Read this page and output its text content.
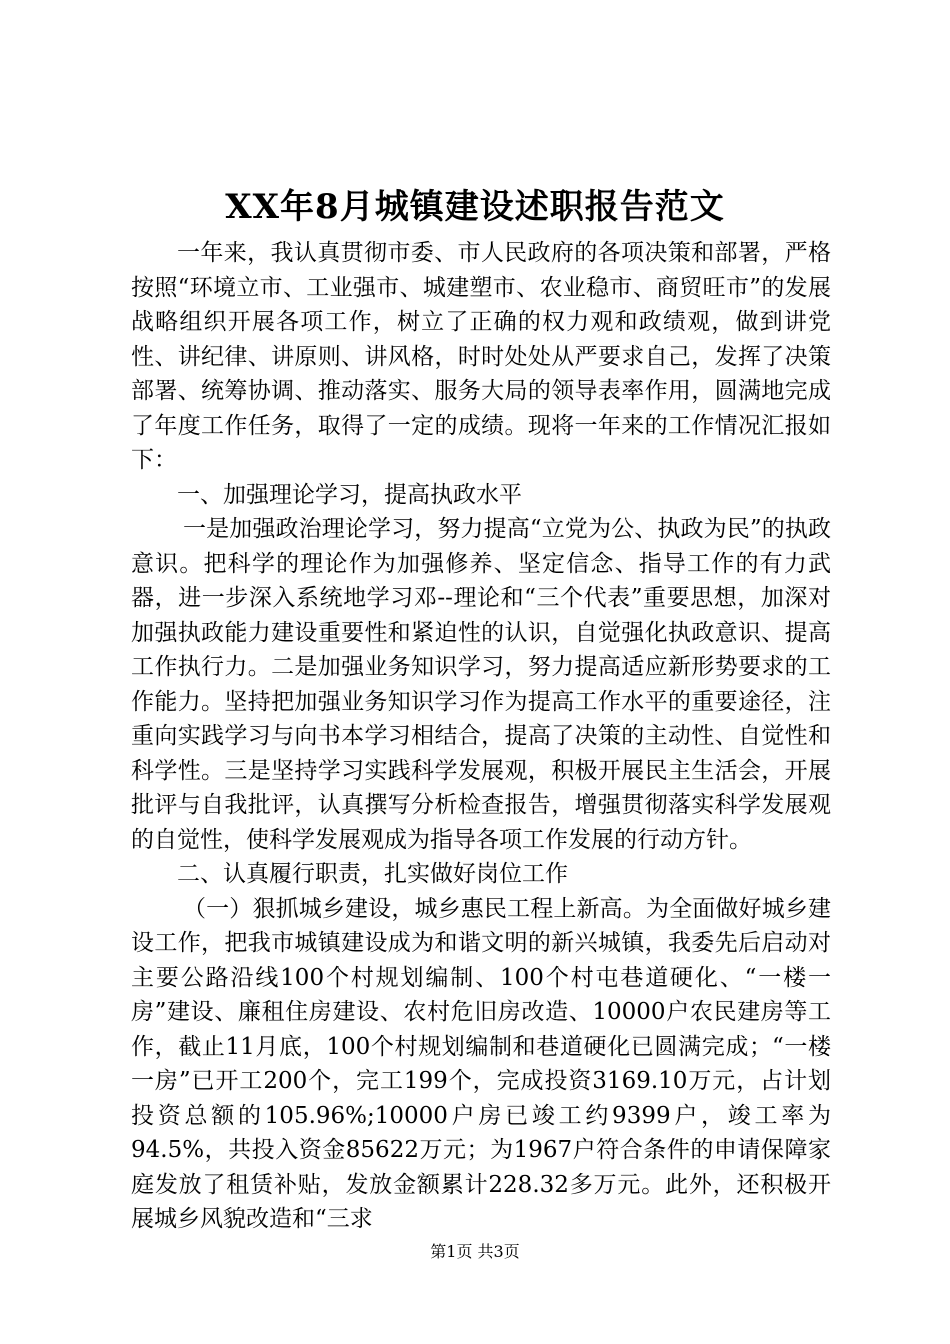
XX年8月城镇建设述职报告范文

一年来，我认真贯彻市委、市人民政府的各项决策和部署，严格按照“环境立市、工业强市、城建塑市、农业稳市、商贸旺市”的发展战略组织开展各项工作，树立了正确的权力观和政绩观，做到讲党性、讲纪律、讲原则、讲风格，时时处处从严要求自己，发挥了决策部署、统筹协调、推动落实、服务大局的领导表率作用，圆满地完成了年度工作任务，取得了一定的成绩。现将一年来的工作情况汇报如下：

一、加强理论学习，提高执政水平

一是加强政治理论学习，努力提高“立党为公、执政为民”的执政意识。把科学的理论作为加强修养、坚定信念、指导工作的有力武器，进一步深入系统地学习邓--理论和“三个代表”重要思想，加深对加强执政能力建设重要性和紧迫性的认识，自觉强化执政意识、提高工作执行力。二是加强业务知识学习，努力提高适应新形势要求的工作能力。坚持把加强业务知识学习作为提高工作水平的重要途径，注重向实践学习与向书本学习相结合，提高了决策的主动性、自觉性和科学性。三是坚持学习实践科学发展观，积极开展民主生活会，开展批评与自我批评，认真撰写分析检查报告，增强贯彻落实科学发展观的自觉性，使科学发展观成为指导各项工作发展的行动方针。

二、认真履行职责，扎实做好岗位工作

（一）狠抓城乡建设，城乡惠民工程上新高。为全面做好城乡建设工作，把我市城镇建设成为和谐文明的新兴城镇，我委先后启动对主要公路沿线100个村规划编制、100个村屯巷道硬化、“一楼一房”建设、廉租住房建设、农村危旧房改造、10000户农民建房等工作，截止11月底，100个村规划编制和巷道硬化已圆满完成；“一楼一房”已开工200个，完工199个，完成投资3169.10万元，占计划投资总额的105.96%;10000户房已竣工约9399户，竣工率为94.5%，共投入资金85622万元；为1967户符合条件的申请保障家庭发放了租赁补贴，发放金额累计228.32多万元。此外，还积极开展城乡风貌改造和“三求

第1页 共3页
